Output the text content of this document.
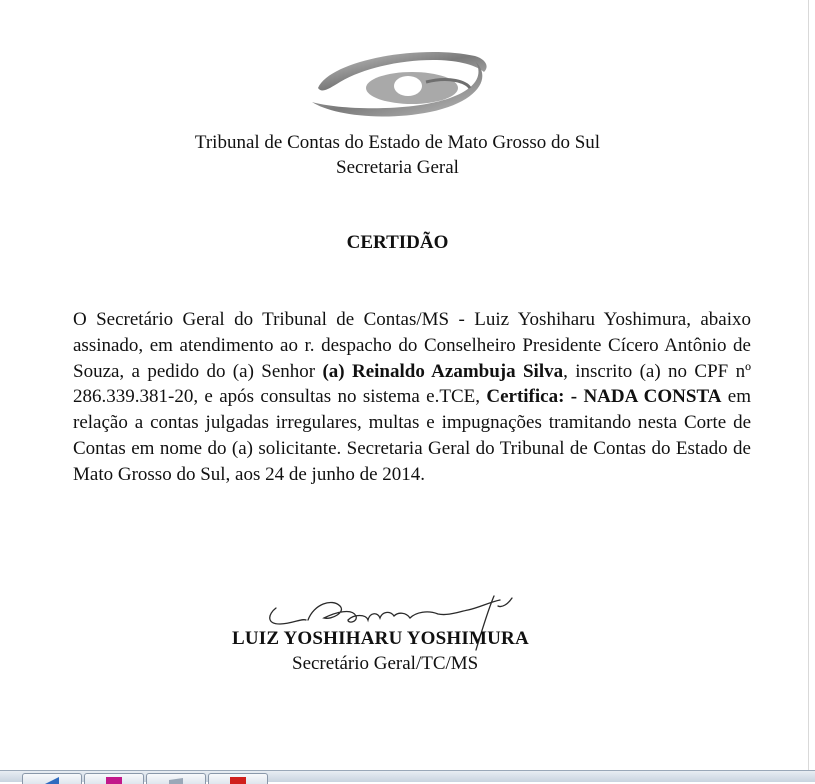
Tribunal de Contas do Estado de Mato Grosso do Sul
Secretaria Geral
CERTIDÃO
O Secretário Geral do Tribunal de Contas/MS - Luiz Yoshiharu Yoshimura, abaixo assinado, em atendimento ao r. despacho do Conselheiro Presidente Cícero Antônio de Souza, a pedido do (a) Senhor (a) Reinaldo Azambuja Silva, inscrito (a) no CPF nº 286.339.381-20, e após consultas no sistema e.TCE, Certifica: - NADA CONSTA em relação a contas julgadas irregulares, multas e impugnações tramitando nesta Corte de Contas em nome do (a) solicitante. Secretaria Geral do Tribunal de Contas do Estado de Mato Grosso do Sul, aos 24 de junho de 2014.
LUIZ YOSHIHARU YOSHIMURA
Secretário Geral/TC/MS
